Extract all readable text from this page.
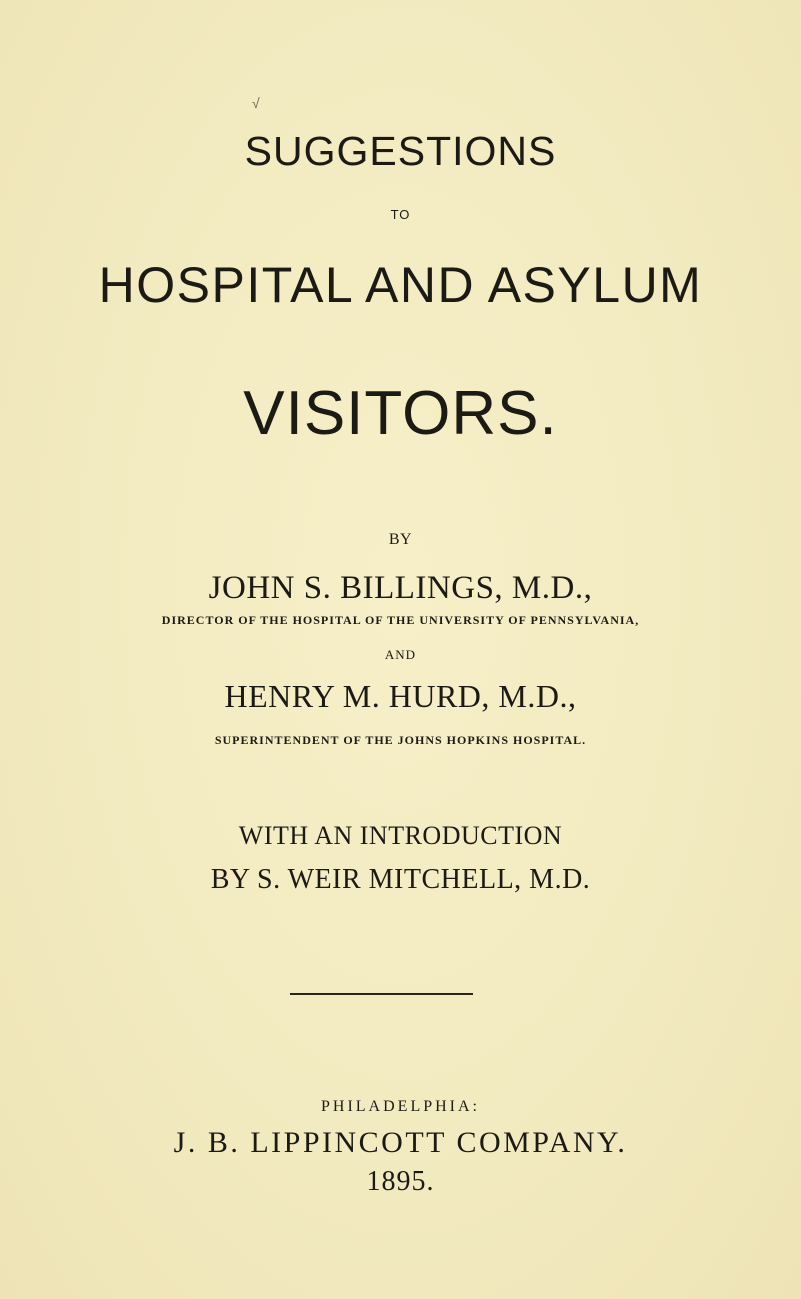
√
SUGGESTIONS
TO
HOSPITAL AND ASYLUM
VISITORS.
BY
JOHN S. BILLINGS, M.D.,
DIRECTOR OF THE HOSPITAL OF THE UNIVERSITY OF PENNSYLVANIA,
AND
HENRY M. HURD, M.D.,
SUPERINTENDENT OF THE JOHNS HOPKINS HOSPITAL.
WITH AN INTRODUCTION
BY S. WEIR MITCHELL, M.D.
PHILADELPHIA:
J. B. LIPPINCOTT COMPANY.
1895.
